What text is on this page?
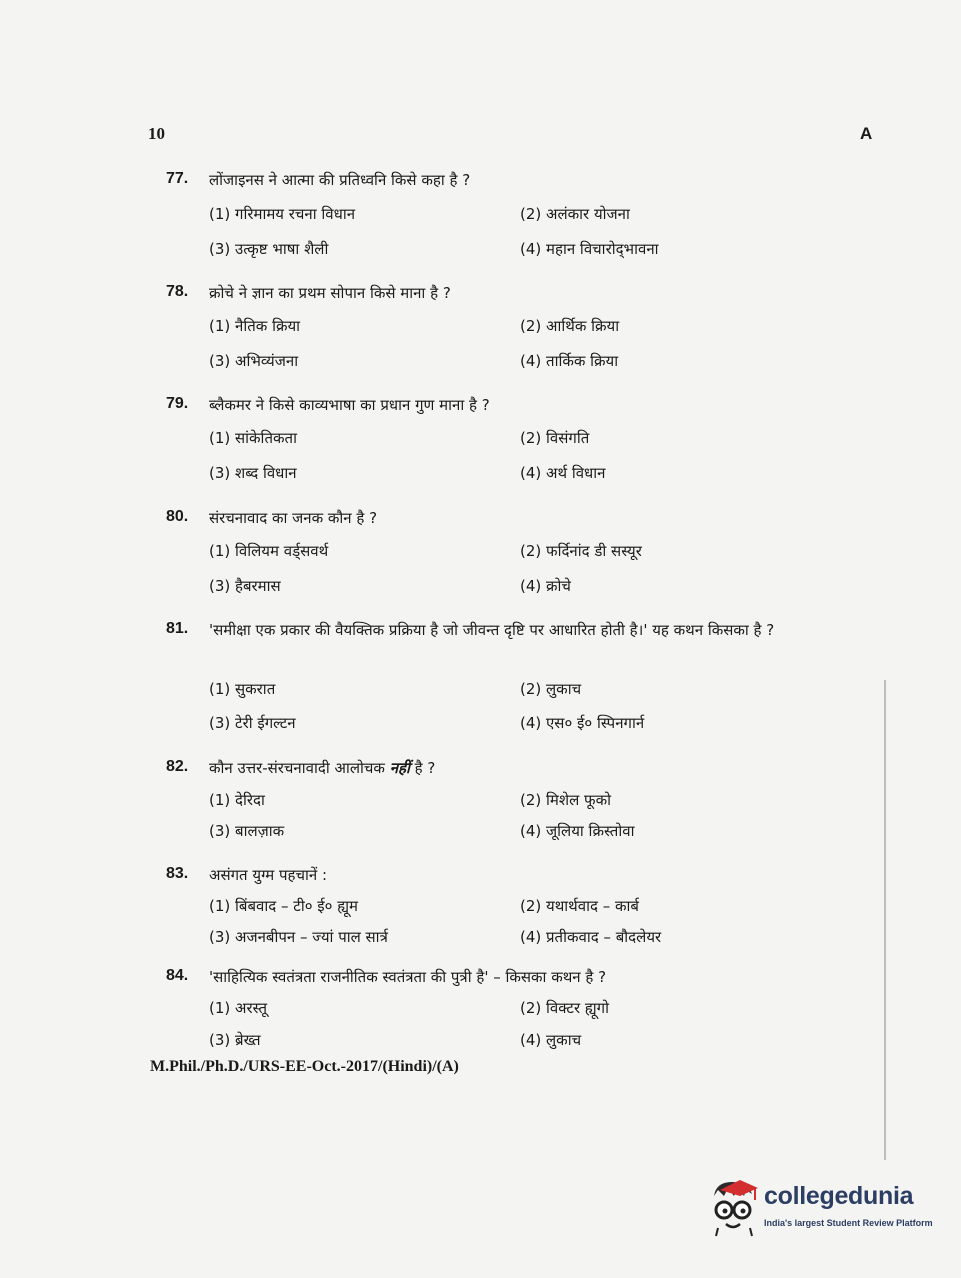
10	A
77. लोंजाइनस ने आत्मा की प्रतिध्वनि किसे कहा है ?
(1) गरिमामय रचना विधान	(2) अलंकार योजना
(3) उत्कृष्ट भाषा शैली	(4) महान विचारोद्‌भावना
78. क्रोचे ने ज्ञान का प्रथम सोपान किसे माना है ?
(1) नैतिक क्रिया	(2) आर्थिक क्रिया
(3) अभिव्यंजना	(4) तार्किक क्रिया
79. ब्लैकमर ने किसे काव्यभाषा का प्रधान गुण माना है ?
(1) सांकेतिकता	(2) विसंगति
(3) शब्द विधान	(4) अर्थ विधान
80. संरचनावाद का जनक कौन है ?
(1) विलियम वर्ड्‌सवर्थ	(2) फर्दिनांद डी सस्यूर
(3) हैबरमास	(4) क्रोचे
81. 'समीक्षा एक प्रकार की वैयक्तिक प्रक्रिया है जो जीवन्त दृष्टि पर आधारित होती है।' यह कथन किसका है ?
(1) सुकरात	(2) लुकाच
(3) टेरी ईगल्टन	(4) एस० ई० स्पिनगार्न
82. कौन उत्तर-संरचनावादी आलोचक नहीं है ?
(1) देरिदा	(2) मिशेल फूको
(3) बालज़ाक	(4) जूलिया क्रिस्तोवा
83. असंगत युग्म पहचानें :
(1) बिंबवाद – टी० ई० ह्यूम	(2) यथार्थवाद – कार्ब
(3) अजनबीपन – ज्यां पाल सार्त्र	(4) प्रतीकवाद – बौदलेयर
84. 'साहित्यिक स्वतंत्रता राजनीतिक स्वतंत्रता की पुत्री है' – किसका कथन है ?
(1) अरस्तू	(2) विक्टर ह्यूगो
(3) ब्रेख्त	(4) लुकाच
M.Phil./Ph.D./URS-EE-Oct.-2017/(Hindi)/(A)
collegedunia
India's largest Student Review Platform
